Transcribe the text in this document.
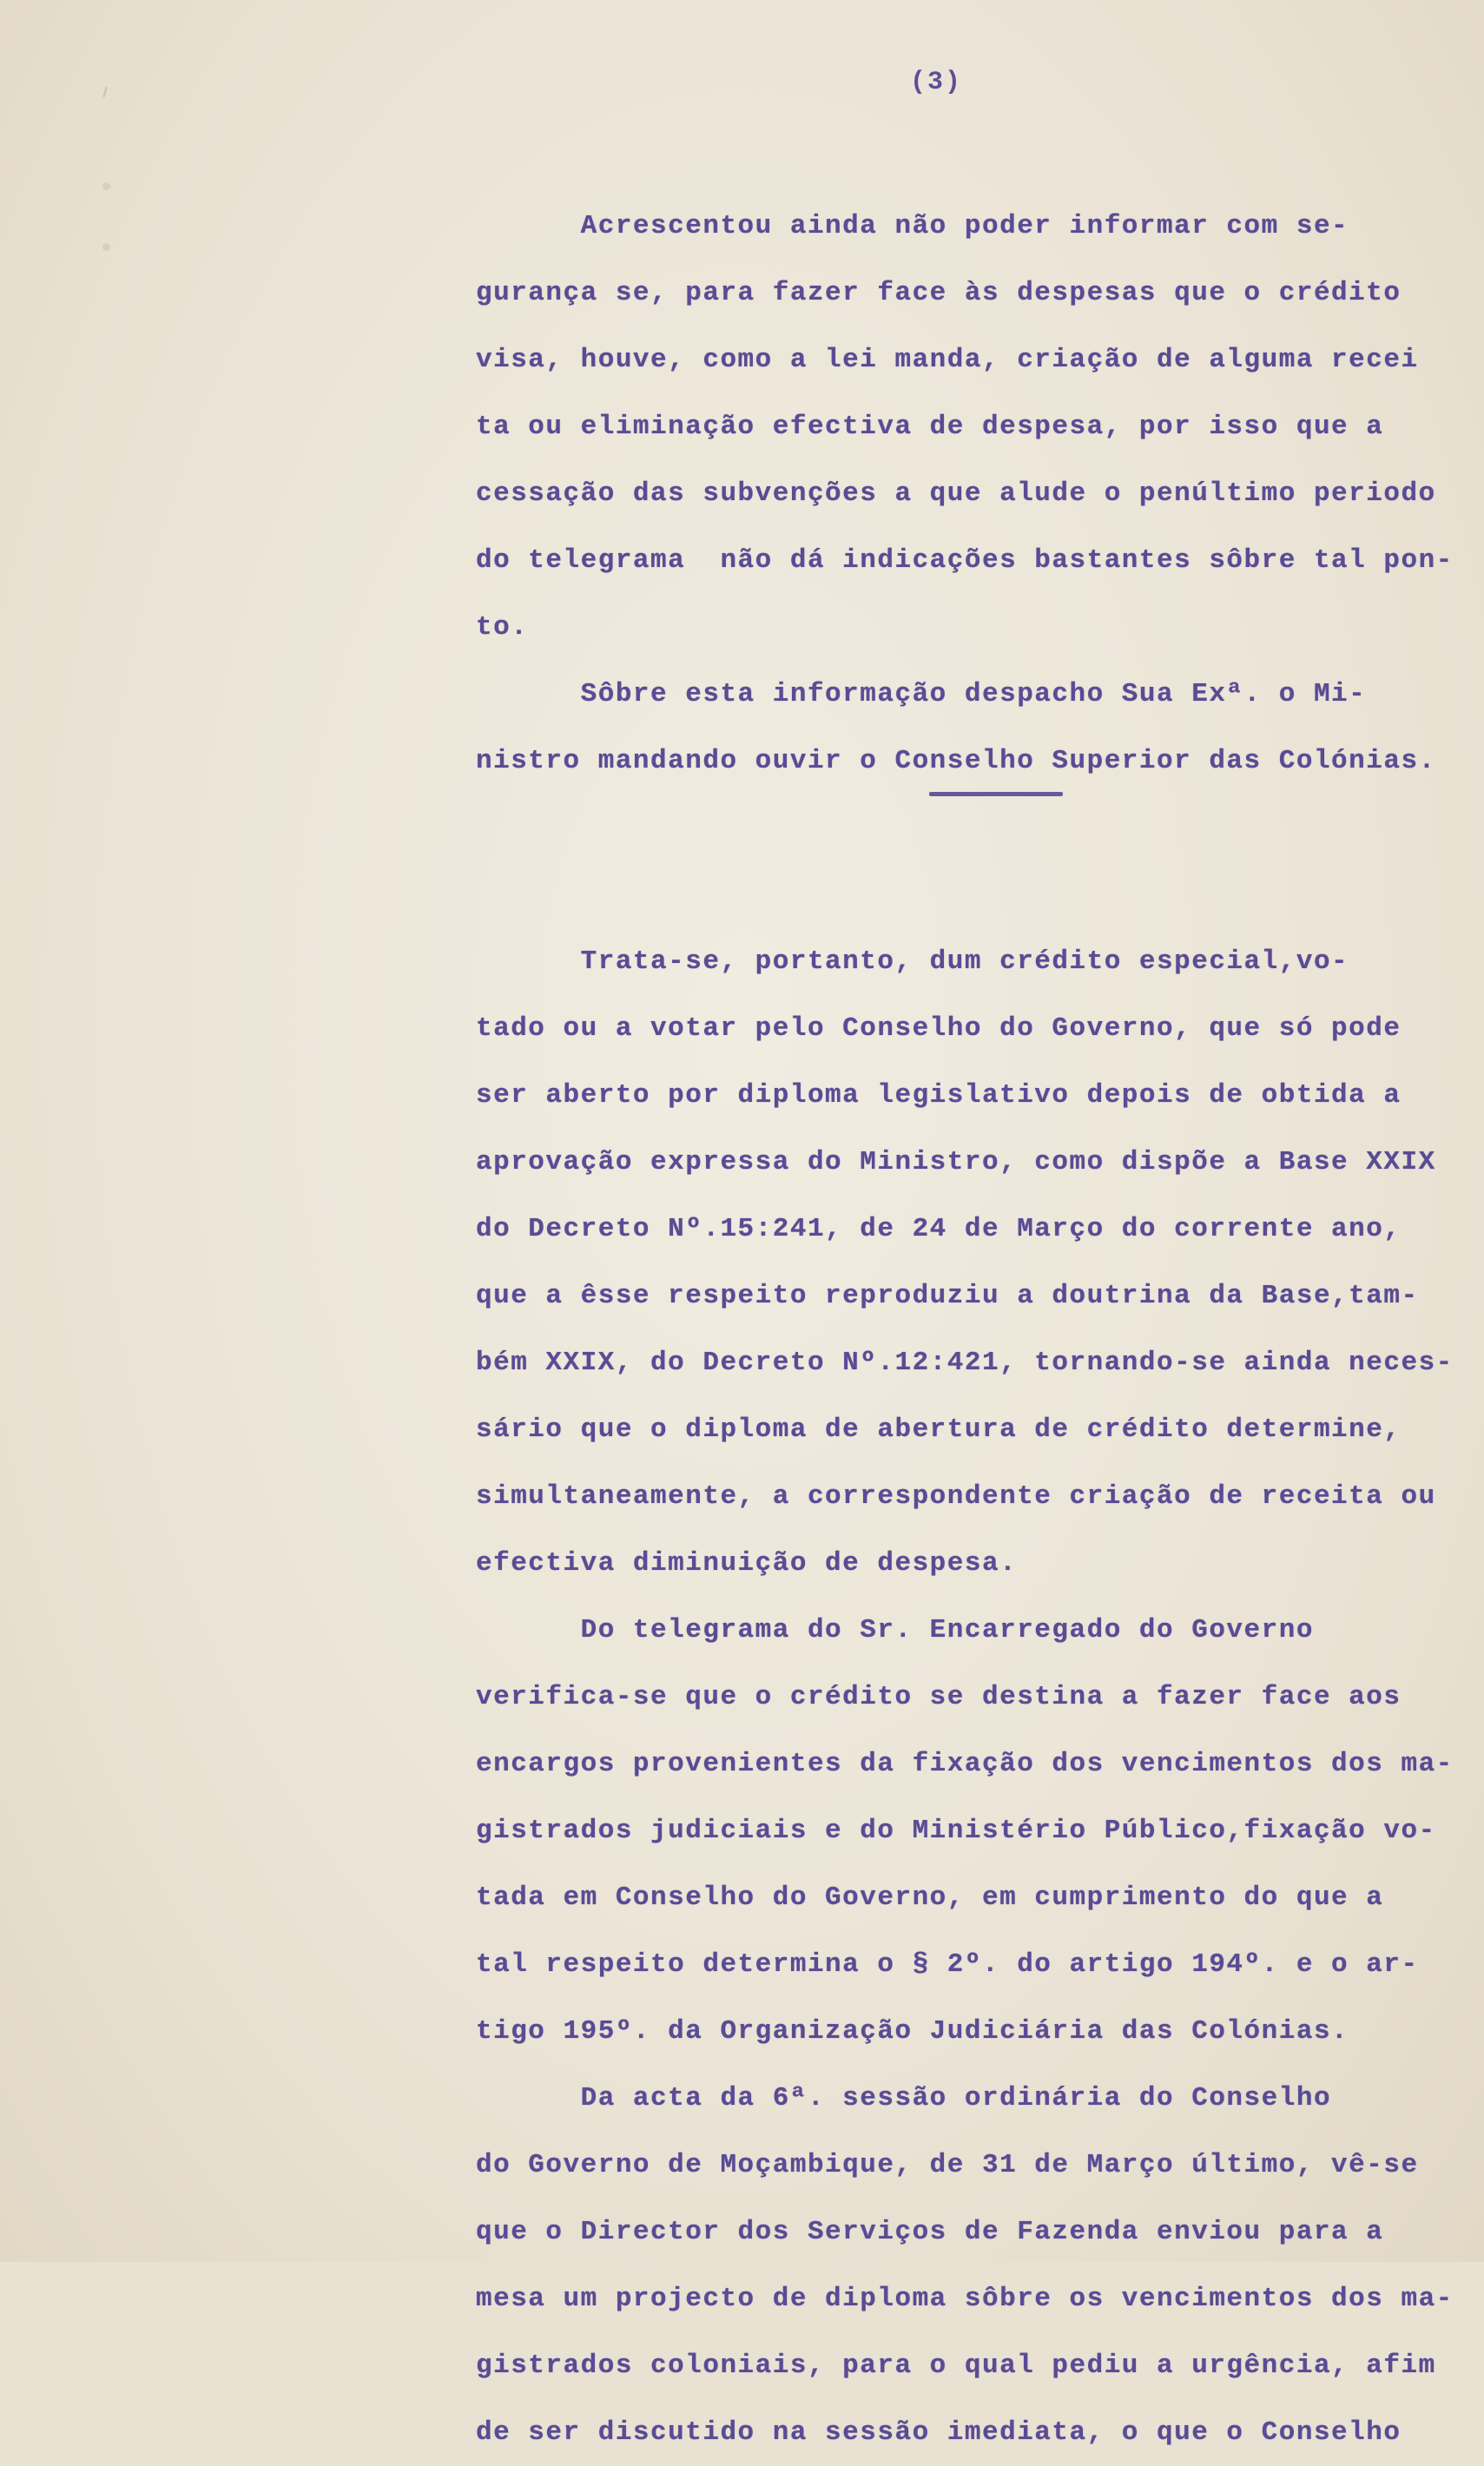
(3)
Acrescentou ainda não poder informar com se-
gurança se, para fazer face às despesas que o crédito
visa, houve, como a lei manda, criação de alguma recei
ta ou eliminação efectiva de despesa, por isso que a
cessação das subvenções a que alude o penúltimo periodo
do telegrama  não dá indicações bastantes sôbre tal pon-
to.
Sôbre esta informação despacho Sua Exª. o Mi-
nistro mandando ouvir o Conselho Superior das Colónias.
Trata-se, portanto, dum crédito especial,vo-
tado ou a votar pelo Conselho do Governo, que só pode
ser aberto por diploma legislativo depois de obtida a
aprovação expressa do Ministro, como dispõe a Base XXIX
do Decreto Nº.15:241, de 24 de Março do corrente ano,
que a êsse respeito reproduziu a doutrina da Base,tam-
bém XXIX, do Decreto Nº.12:421, tornando-se ainda neces-
sário que o diploma de abertura de crédito determine,
simultaneamente, a correspondente criação de receita ou
efectiva diminuição de despesa.
Do telegrama do Sr. Encarregado do Governo
verifica-se que o crédito se destina a fazer face aos
encargos provenientes da fixação dos vencimentos dos ma-
gistrados judiciais e do Ministério Público,fixação vo-
tada em Conselho do Governo, em cumprimento do que a
tal respeito determina o § 2º. do artigo 194º. e o ar-
tigo 195º. da Organização Judiciária das Colónias.
Da acta da 6ª. sessão ordinária do Conselho
do Governo de Moçambique, de 31 de Março último, vê-se
que o Director dos Serviços de Fazenda enviou para a
mesa um projecto de diploma sôbre os vencimentos dos ma-
gistrados coloniais, para o qual pediu a urgência, afim
de ser discutido na sessão imediata, o que o Conselho
